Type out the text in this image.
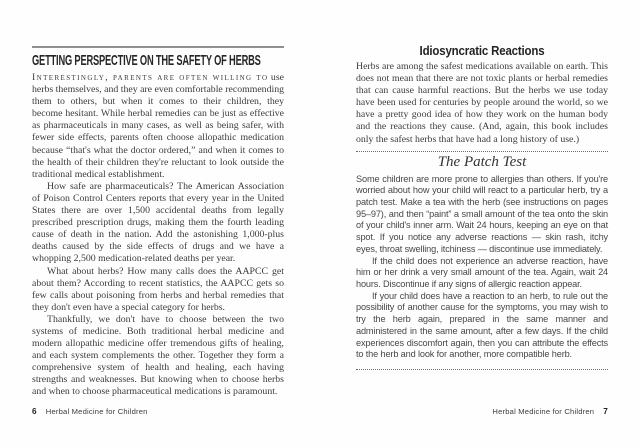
GETTING PERSPECTIVE ON THE SAFETY OF HERBS

Interestingly, parents are often willing to use herbs themselves, and they are even comfortable recommending them to others, but when it comes to their children, they become hesitant. While herbal remedies can be just as effective as pharmaceuticals in many cases, as well as being safer, with fewer side effects, parents often choose allopathic medication because “that's what the doctor ordered,” and when it comes to the health of their children they're reluctant to look outside the traditional medical establishment.

How safe are pharmaceuticals? The American Association of Poison Control Centers reports that every year in the United States there are over 1,500 accidental deaths from legally prescribed prescription drugs, making them the fourth leading cause of death in the nation. Add the astonishing 1,000-plus deaths caused by the side effects of drugs and we have a whopping 2,500 medication-related deaths per year.

What about herbs? How many calls does the AAPCC get about them? According to recent statistics, the AAPCC gets so few calls about poisoning from herbs and herbal remedies that they don't even have a special category for herbs.

Thankfully, we don't have to choose between the two systems of medicine. Both traditional herbal medicine and modern allopathic medicine offer tremendous gifts of healing, and each system complements the other. Together they form a comprehensive system of health and healing, each having strengths and weaknesses. But knowing when to choose herbs and when to choose pharmaceutical medications is paramount.

Idiosyncratic Reactions

Herbs are among the safest medications available on earth. This does not mean that there are not toxic plants or herbal remedies that can cause harmful reactions. But the herbs we use today have been used for centuries by people around the world, so we have a pretty good idea of how they work on the human body and the reactions they cause. (And, again, this book includes only the safest herbs that have had a long history of use.)

The Patch Test

Some children are more prone to allergies than others. If you're worried about how your child will react to a particular herb, try a patch test. Make a tea with the herb (see instructions on pages 95–97), and then “paint” a small amount of the tea onto the skin of your child's inner arm. Wait 24 hours, keeping an eye on that spot. If you notice any adverse reactions — skin rash, itchy eyes, throat swelling, itchiness — discontinue use immediately.

If the child does not experience an adverse reaction, have him or her drink a very small amount of the tea. Again, wait 24 hours. Discontinue if any signs of allergic reaction appear.

If your child does have a reaction to an herb, to rule out the possibility of another cause for the symptoms, you may wish to try the herb again, prepared in the same manner and administered in the same amount, after a few days. If the child experiences discomfort again, then you can attribute the effects to the herb and look for another, more compatible herb.

6 Herbal Medicine for Children	Herbal Medicine for Children 7
